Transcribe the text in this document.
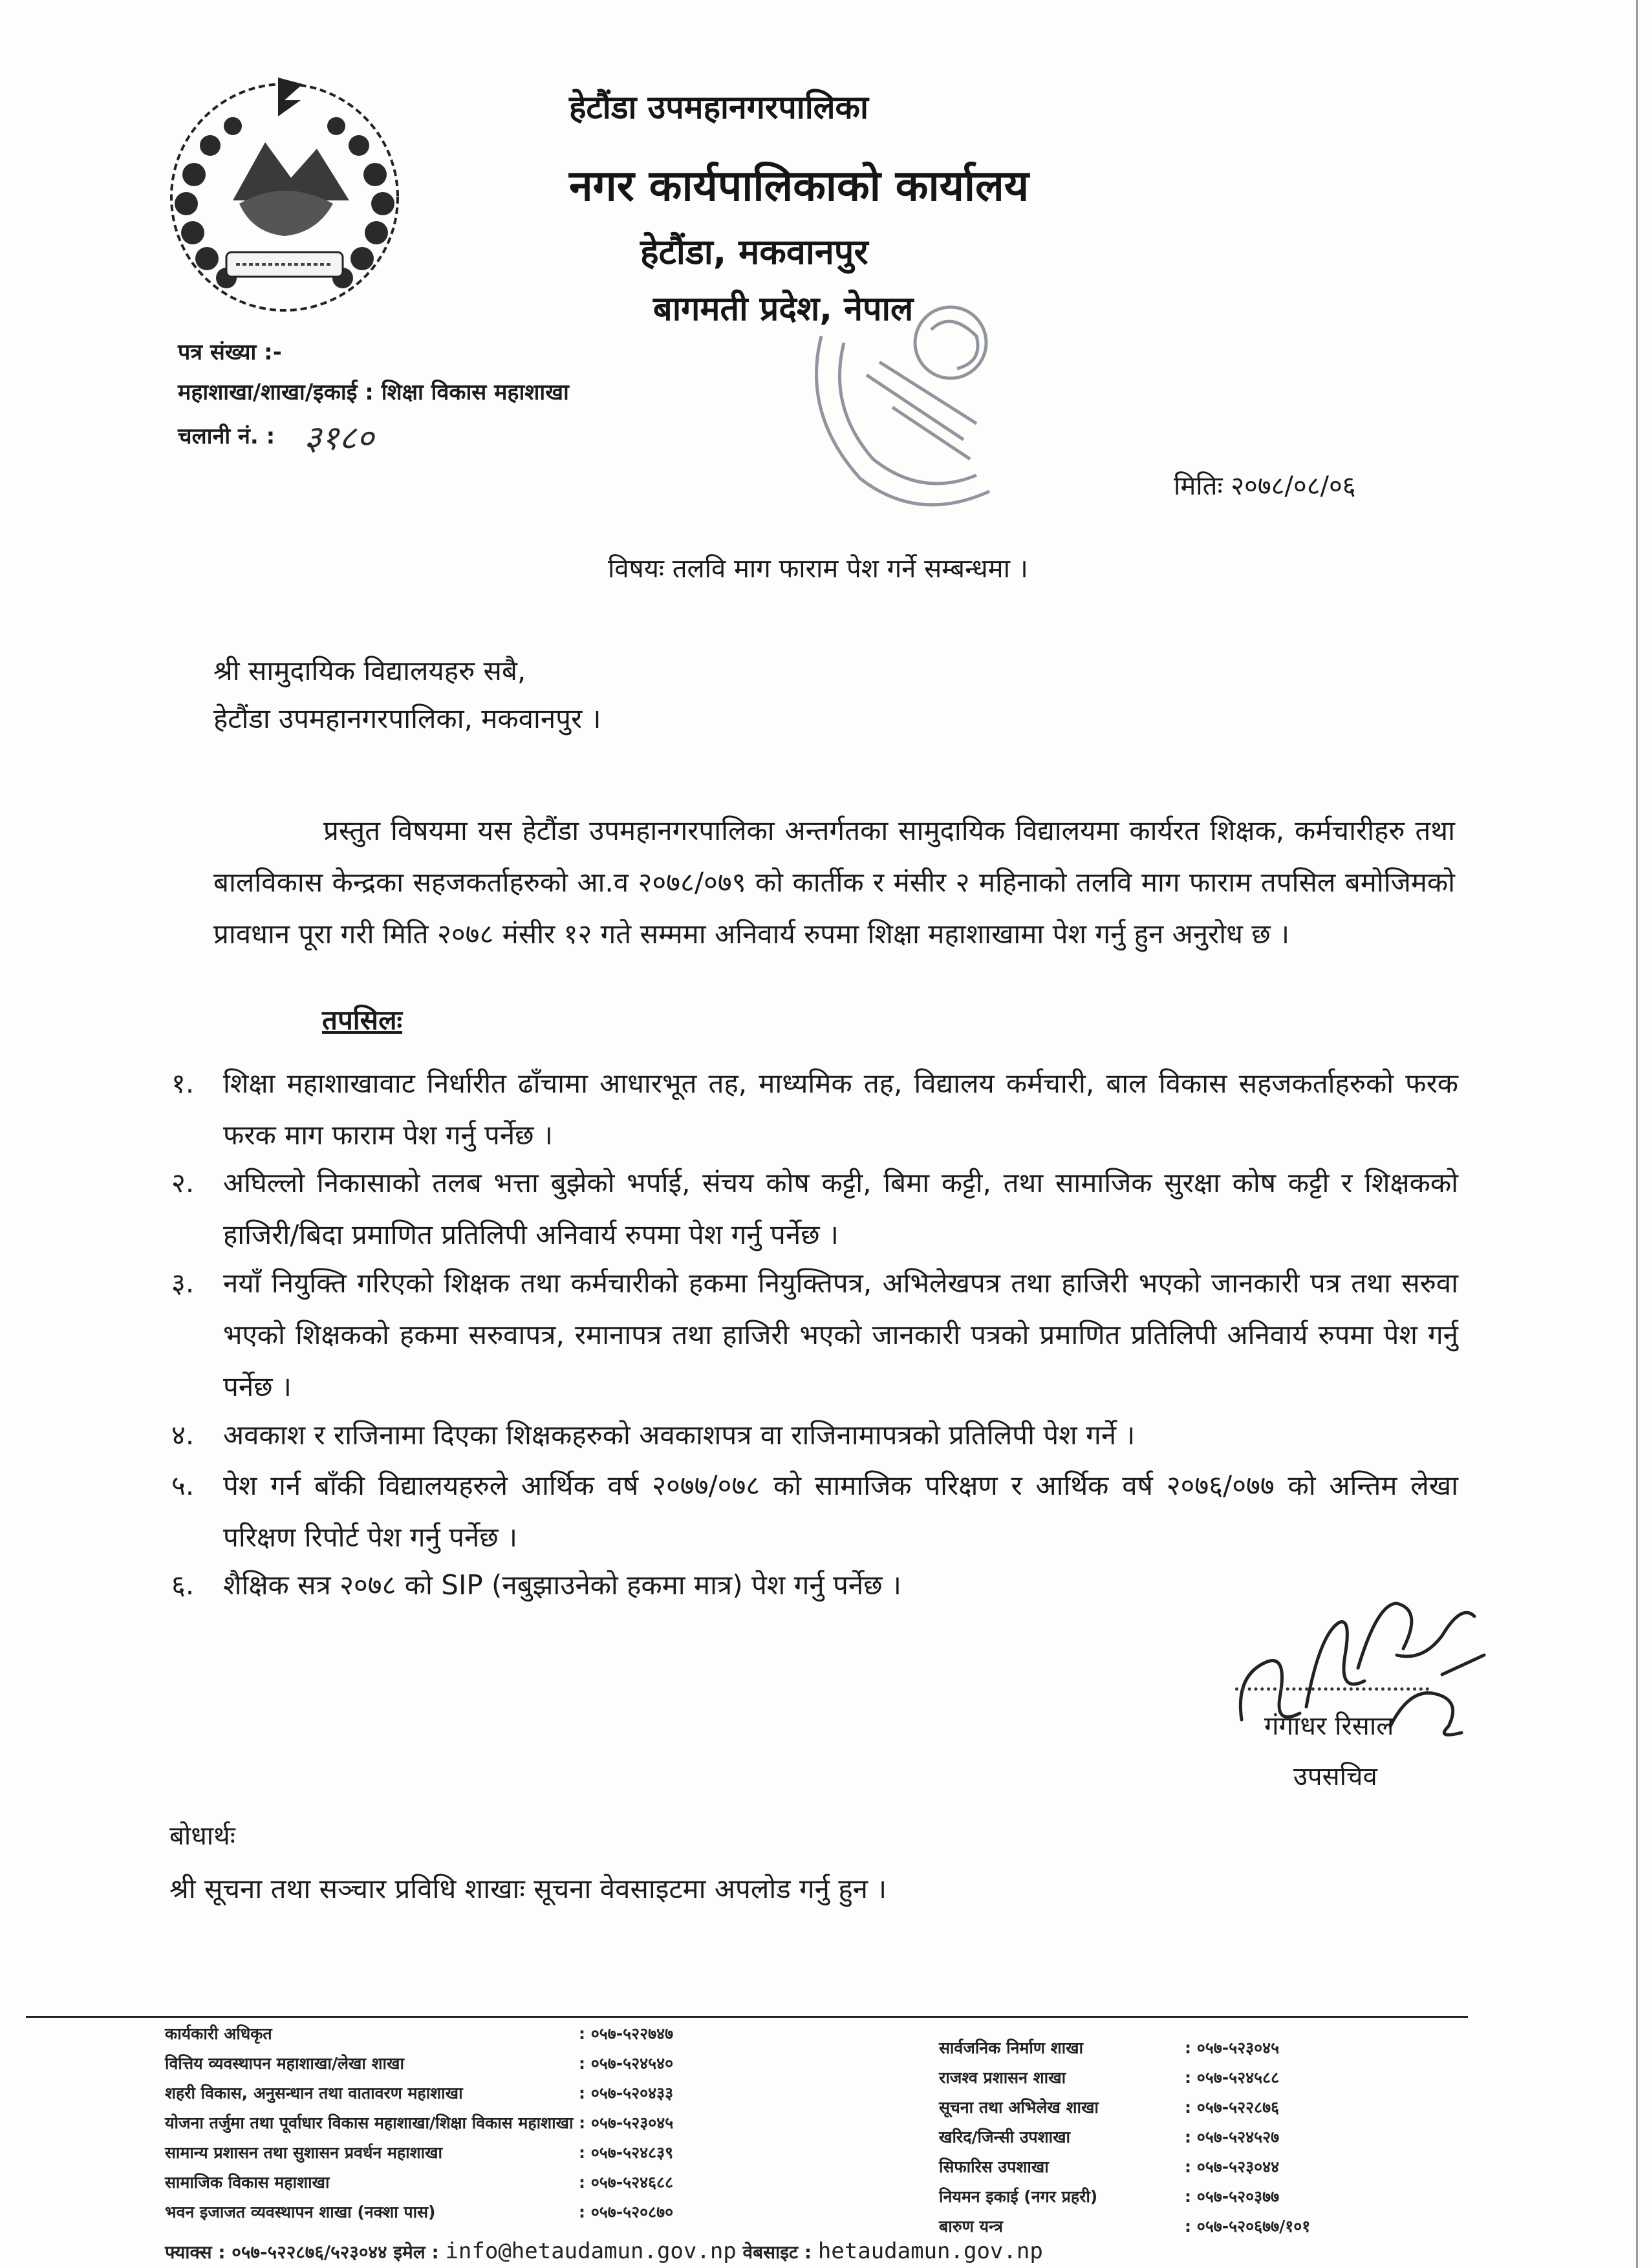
हेटौंडा उपमहानगरपालिका
नगर कार्यपालिकाको कार्यालय
हेटौंडा, मकवानपुर
बागमती प्रदेश, नेपाल
पत्र संख्या :-
महाशाखा/शाखा/इकाई : शिक्षा विकास महाशाखा
चलानी नं. : ३१८०
मितिः २०७८/०८/०६
विषयः तलवि माग फाराम पेश गर्ने सम्बन्धमा ।
श्री सामुदायिक विद्यालयहरु सबै,
हेटौंडा उपमहानगरपालिका, मकवानपुर ।
प्रस्तुत विषयमा यस हेटौंडा उपमहानगरपालिका अन्तर्गतका सामुदायिक विद्यालयमा कार्यरत शिक्षक, कर्मचारीहरु तथा बालविकास केन्द्रका सहजकर्ताहरुको आ.व २०७८/०७९ को कार्तीक र मंसीर २ महिनाको तलवि माग फाराम तपसिल बमोजिमको प्रावधान पूरा गरी मिति २०७८ मंसीर १२ गते सम्ममा अनिवार्य रुपमा शिक्षा महाशाखामा पेश गर्नु हुन अनुरोध छ ।
तपसिलः
१.	शिक्षा महाशाखावाट निर्धारीत ढाँचामा आधारभूत तह, माध्यमिक तह, विद्यालय कर्मचारी, बाल विकास सहजकर्ताहरुको फरक फरक माग फाराम पेश गर्नु पर्नेछ ।
२.	अघिल्लो निकासाको तलब भत्ता बुझेको भर्पाई, संचय कोष कट्टी, बिमा कट्टी, तथा सामाजिक सुरक्षा कोष कट्टी र शिक्षकको हाजिरी/बिदा प्रमाणित प्रतिलिपी अनिवार्य रुपमा पेश गर्नु पर्नेछ ।
३.	नयाँ नियुक्ति गरिएको शिक्षक तथा कर्मचारीको हकमा नियुक्तिपत्र, अभिलेखपत्र तथा हाजिरी भएको जानकारी पत्र तथा सरुवा भएको शिक्षकको हकमा सरुवापत्र, रमानापत्र तथा हाजिरी भएको जानकारी पत्रको प्रमाणित प्रतिलिपी अनिवार्य रुपमा पेश गर्नु पर्नेछ ।
४.	अवकाश र राजिनामा दिएका शिक्षकहरुको अवकाशपत्र वा राजिनामापत्रको प्रतिलिपी पेश गर्ने ।
५.	पेश गर्न बाँकी विद्यालयहरुले आर्थिक वर्ष २०७७/०७८ को सामाजिक परिक्षण र आर्थिक वर्ष २०७६/०७७ को अन्तिम लेखा परिक्षण रिपोर्ट पेश गर्नु पर्नेछ ।
६.	शैक्षिक सत्र २०७८ को SIP (नबुझाउनेको हकमा मात्र) पेश गर्नु पर्नेछ ।
गंगाधर रिसाल
उपसचिव
बोधार्थः
श्री सूचना तथा सञ्चार प्रविधि शाखाः सूचना वेवसाइटमा अपलोड गर्नु हुन ।
कार्यकारी अधिकृत	: ०५७-५२२७४७
वित्तिय व्यवस्थापन महाशाखा/लेखा शाखा	: ०५७-५२४५४०
शहरी विकास, अनुसन्धान तथा वातावरण महाशाखा	: ०५७-५२०४३३
योजना तर्जुमा तथा पूर्वाधार विकास महाशाखा/शिक्षा विकास महाशाखा : ०५७-५२३०४५
सामान्य प्रशासन तथा सुशासन प्रवर्धन महाशाखा	: ०५७-५२४८३९
सामाजिक विकास महाशाखा	: ०५७-५२४६८८
भवन इजाजत व्यवस्थापन शाखा (नक्शा पास)	: ०५७-५२०८७०
सार्वजनिक निर्माण शाखा	: ०५७-५२३०४५
राजश्व प्रशासन शाखा	: ०५७-५२४५८८
सूचना तथा अभिलेख शाखा	: ०५७-५२२८७६
खरिद/जिन्सी उपशाखा	: ०५७-५२४५२७
सिफारिस उपशाखा	: ०५७-५२३०४४
नियमन इकाई (नगर प्रहरी)	: ०५७-५२०३७७
बारुण यन्त्र	: ०५७-५२०६७७/१०१
फ्याक्स : ०५७-५२२८७६/५२३०४४ इमेल : info@hetaudamun.gov.np वेबसाइट : hetaudamun.gov.np
